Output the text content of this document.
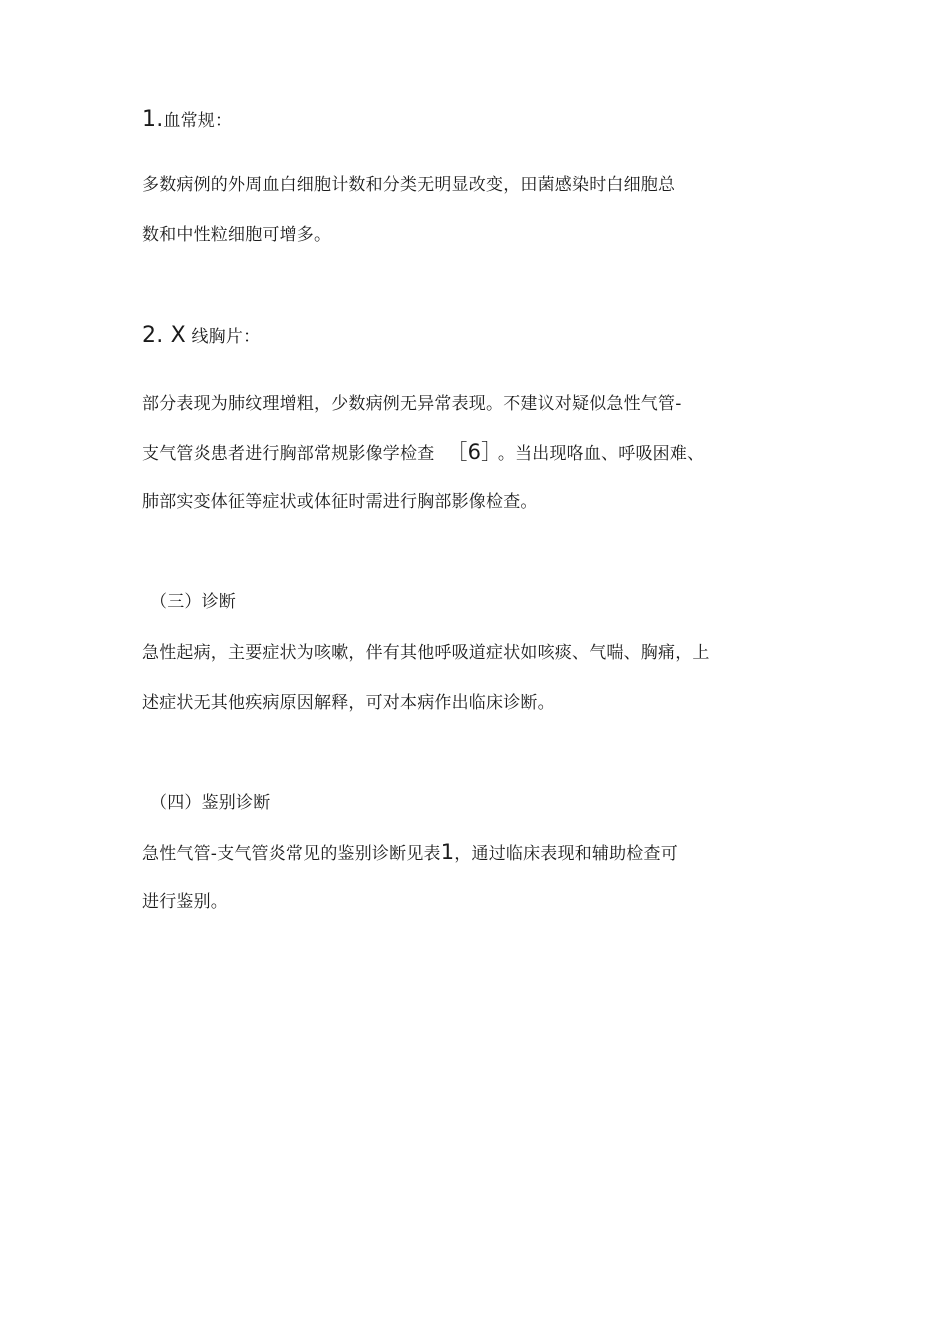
1.血常规：
多数病例的外周血白细胞计数和分类无明显改变，田菌感染时白细胞总
数和中性粒细胞可增多。
2. X 线胸片：
部分表现为肺纹理增粗，少数病例无异常表现。不建议对疑似急性气管-
支气管炎患者进行胸部常规影像学检查 ［6］ 。当出现咯血、呼吸困难、
肺部实变体征等症状或体征时需进行胸部影像检查。
（三）诊断
急性起病，主要症状为咳嗽，伴有其他呼吸道症状如咳痰、气喘、胸痛，上
述症状无其他疾病原因解释，可对本病作出临床诊断。
（四）鉴别诊断
急性气管-支气管炎常见的鉴别诊断见表1，通过临床表现和辅助检查可
进行鉴别。
